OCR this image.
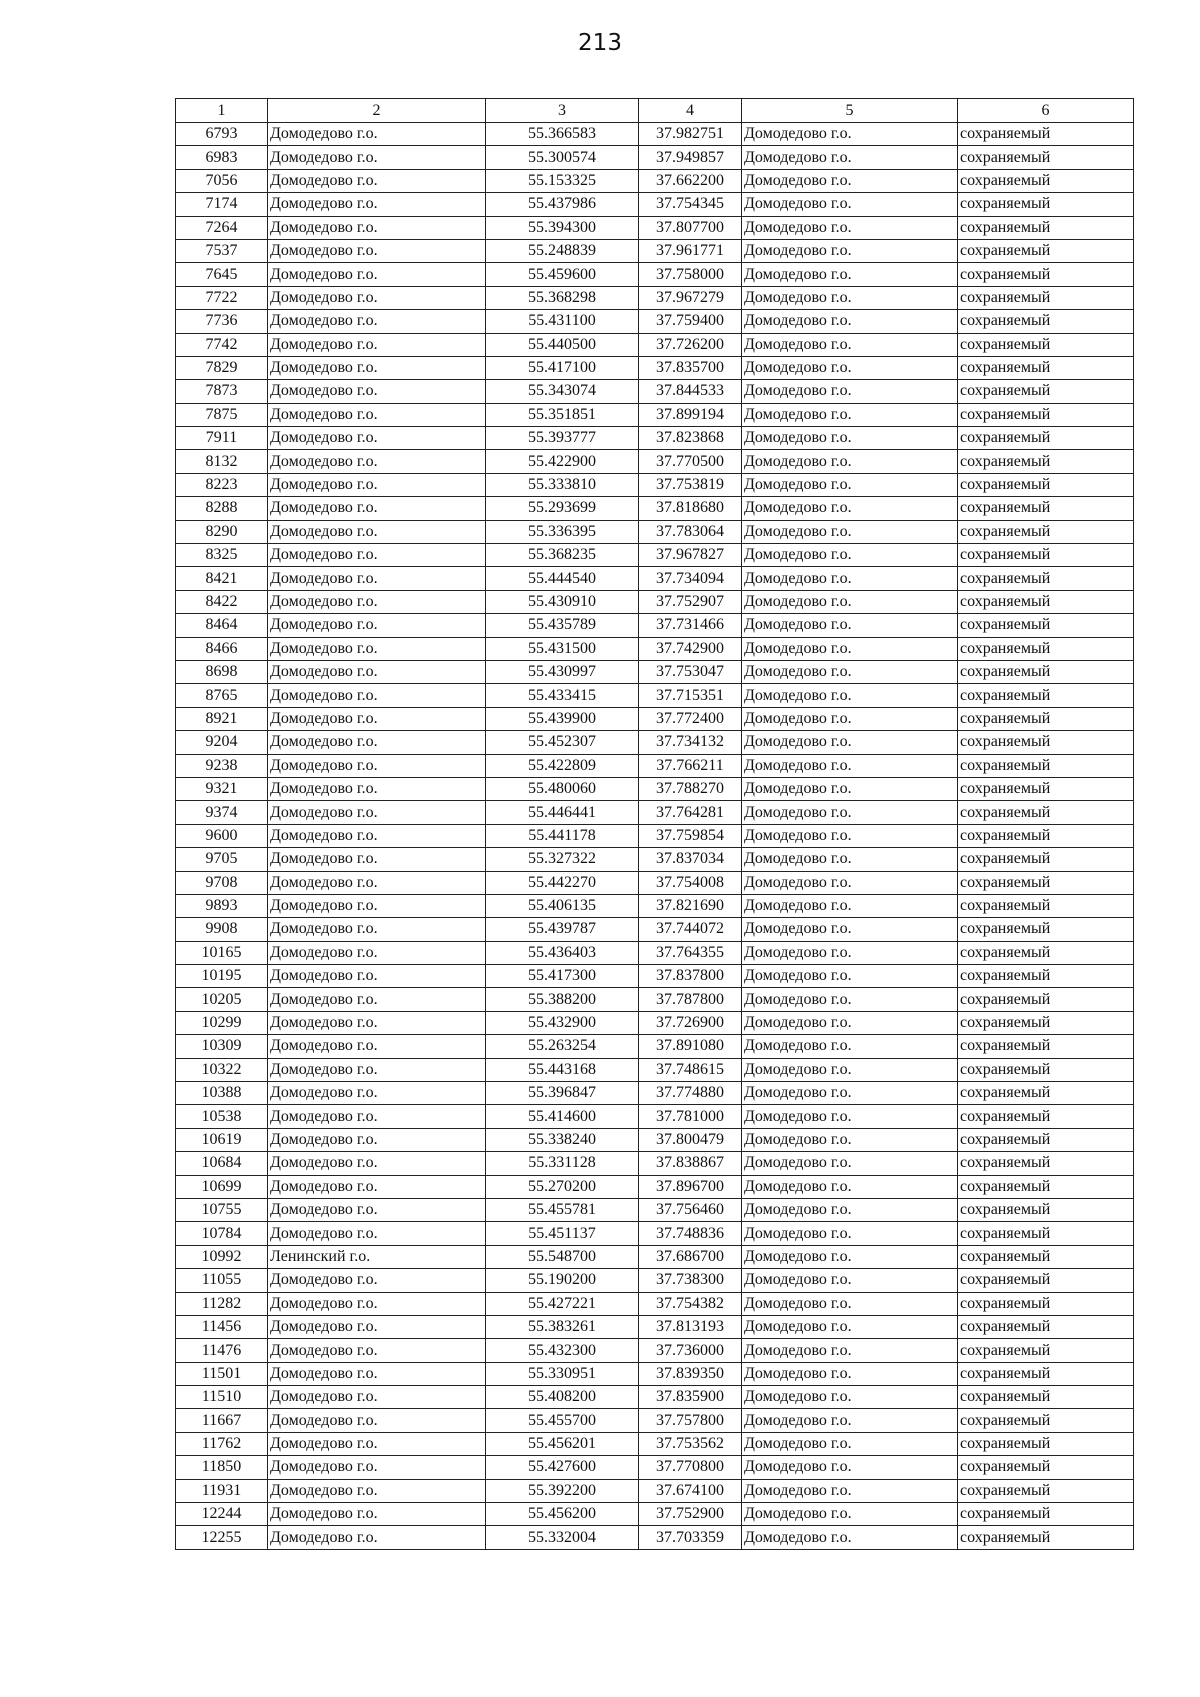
213
1	2	3	4	5	6
6793	Домодедово г.о.	55.366583	37.982751	Домодедово г.о.	сохраняемый
6983	Домодедово г.о.	55.300574	37.949857	Домодедово г.о.	сохраняемый
7056	Домодедово г.о.	55.153325	37.662200	Домодедово г.о.	сохраняемый
7174	Домодедово г.о.	55.437986	37.754345	Домодедово г.о.	сохраняемый
7264	Домодедово г.о.	55.394300	37.807700	Домодедово г.о.	сохраняемый
7537	Домодедово г.о.	55.248839	37.961771	Домодедово г.о.	сохраняемый
7645	Домодедово г.о.	55.459600	37.758000	Домодедово г.о.	сохраняемый
7722	Домодедово г.о.	55.368298	37.967279	Домодедово г.о.	сохраняемый
7736	Домодедово г.о.	55.431100	37.759400	Домодедово г.о.	сохраняемый
7742	Домодедово г.о.	55.440500	37.726200	Домодедово г.о.	сохраняемый
7829	Домодедово г.о.	55.417100	37.835700	Домодедово г.о.	сохраняемый
7873	Домодедово г.о.	55.343074	37.844533	Домодедово г.о.	сохраняемый
7875	Домодедово г.о.	55.351851	37.899194	Домодедово г.о.	сохраняемый
7911	Домодедово г.о.	55.393777	37.823868	Домодедово г.о.	сохраняемый
8132	Домодедово г.о.	55.422900	37.770500	Домодедово г.о.	сохраняемый
8223	Домодедово г.о.	55.333810	37.753819	Домодедово г.о.	сохраняемый
8288	Домодедово г.о.	55.293699	37.818680	Домодедово г.о.	сохраняемый
8290	Домодедово г.о.	55.336395	37.783064	Домодедово г.о.	сохраняемый
8325	Домодедово г.о.	55.368235	37.967827	Домодедово г.о.	сохраняемый
8421	Домодедово г.о.	55.444540	37.734094	Домодедово г.о.	сохраняемый
8422	Домодедово г.о.	55.430910	37.752907	Домодедово г.о.	сохраняемый
8464	Домодедово г.о.	55.435789	37.731466	Домодедово г.о.	сохраняемый
8466	Домодедово г.о.	55.431500	37.742900	Домодедово г.о.	сохраняемый
8698	Домодедово г.о.	55.430997	37.753047	Домодедово г.о.	сохраняемый
8765	Домодедово г.о.	55.433415	37.715351	Домодедово г.о.	сохраняемый
8921	Домодедово г.о.	55.439900	37.772400	Домодедово г.о.	сохраняемый
9204	Домодедово г.о.	55.452307	37.734132	Домодедово г.о.	сохраняемый
9238	Домодедово г.о.	55.422809	37.766211	Домодедово г.о.	сохраняемый
9321	Домодедово г.о.	55.480060	37.788270	Домодедово г.о.	сохраняемый
9374	Домодедово г.о.	55.446441	37.764281	Домодедово г.о.	сохраняемый
9600	Домодедово г.о.	55.441178	37.759854	Домодедово г.о.	сохраняемый
9705	Домодедово г.о.	55.327322	37.837034	Домодедово г.о.	сохраняемый
9708	Домодедово г.о.	55.442270	37.754008	Домодедово г.о.	сохраняемый
9893	Домодедово г.о.	55.406135	37.821690	Домодедово г.о.	сохраняемый
9908	Домодедово г.о.	55.439787	37.744072	Домодедово г.о.	сохраняемый
10165	Домодедово г.о.	55.436403	37.764355	Домодедово г.о.	сохраняемый
10195	Домодедово г.о.	55.417300	37.837800	Домодедово г.о.	сохраняемый
10205	Домодедово г.о.	55.388200	37.787800	Домодедово г.о.	сохраняемый
10299	Домодедово г.о.	55.432900	37.726900	Домодедово г.о.	сохраняемый
10309	Домодедово г.о.	55.263254	37.891080	Домодедово г.о.	сохраняемый
10322	Домодедово г.о.	55.443168	37.748615	Домодедово г.о.	сохраняемый
10388	Домодедово г.о.	55.396847	37.774880	Домодедово г.о.	сохраняемый
10538	Домодедово г.о.	55.414600	37.781000	Домодедово г.о.	сохраняемый
10619	Домодедово г.о.	55.338240	37.800479	Домодедово г.о.	сохраняемый
10684	Домодедово г.о.	55.331128	37.838867	Домодедово г.о.	сохраняемый
10699	Домодедово г.о.	55.270200	37.896700	Домодедово г.о.	сохраняемый
10755	Домодедово г.о.	55.455781	37.756460	Домодедово г.о.	сохраняемый
10784	Домодедово г.о.	55.451137	37.748836	Домодедово г.о.	сохраняемый
10992	Ленинский г.о.	55.548700	37.686700	Домодедово г.о.	сохраняемый
11055	Домодедово г.о.	55.190200	37.738300	Домодедово г.о.	сохраняемый
11282	Домодедово г.о.	55.427221	37.754382	Домодедово г.о.	сохраняемый
11456	Домодедово г.о.	55.383261	37.813193	Домодедово г.о.	сохраняемый
11476	Домодедово г.о.	55.432300	37.736000	Домодедово г.о.	сохраняемый
11501	Домодедово г.о.	55.330951	37.839350	Домодедово г.о.	сохраняемый
11510	Домодедово г.о.	55.408200	37.835900	Домодедово г.о.	сохраняемый
11667	Домодедово г.о.	55.455700	37.757800	Домодедово г.о.	сохраняемый
11762	Домодедово г.о.	55.456201	37.753562	Домодедово г.о.	сохраняемый
11850	Домодедово г.о.	55.427600	37.770800	Домодедово г.о.	сохраняемый
11931	Домодедово г.о.	55.392200	37.674100	Домодедово г.о.	сохраняемый
12244	Домодедово г.о.	55.456200	37.752900	Домодедово г.о.	сохраняемый
12255	Домодедово г.о.	55.332004	37.703359	Домодедово г.о.	сохраняемый
